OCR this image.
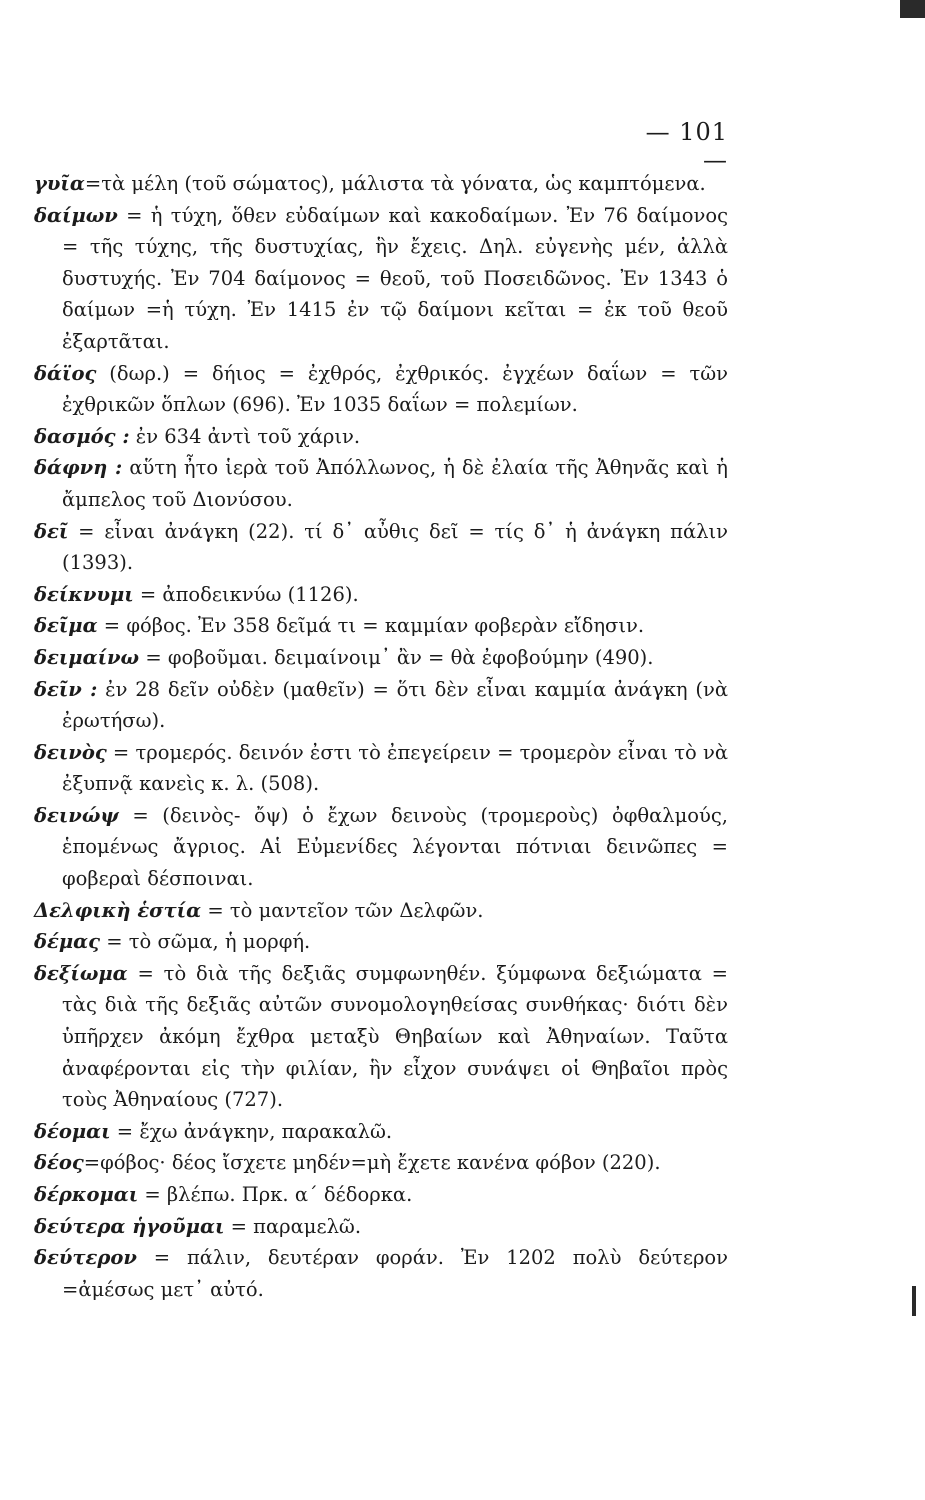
— 101 —

γυῖα=τὰ μέλη (τοῦ σώματος), μάλιστα τὰ γόνατα, ὡς καμπτόμενα.

δαίμων = ἡ τύχη, ὅθεν εὐδαίμων καὶ κακοδαίμων. Ἐν 76 δαίμονος = τῆς τύχης, τῆς δυστυχίας, ἣν ἔχεις. Δηλ. εὐγενὴς μέν, ἀλλὰ δυστυχής. Ἐν 704 δαίμονος = θεοῦ, τοῦ Ποσειδῶνος. Ἐν 1343 ὁ δαίμων =ἡ τύχη. Ἐν 1415 ἐν τῷ δαίμονι κεῖται = ἐκ τοῦ θεοῦ ἐξαρτᾶται.

δάϊος (δωρ.) = δήιος = ἐχθρός, ἐχθρικός. ἐγχέων δαΐων = τῶν ἐχθρικῶν ὅπλων (696). Ἐν 1035 δαΐων = πολεμίων.

δασμός : ἐν 634 ἀντὶ τοῦ χάριν.

δάφνη : αὕτη ἦτο ἱερὰ τοῦ Ἀπόλλωνος, ἡ δὲ ἐλαία τῆς Ἀθηνᾶς καὶ ἡ ἄμπελος τοῦ Διονύσου.

δεῖ = εἶναι ἀνάγκη (22). τί δ᾽ αὖθις δεῖ = τίς δ᾽ ἡ ἀνάγκη πάλιν (1393).

δείκνυμι = ἀποδεικνύω (1126).

δεῖμα = φόβος. Ἐν 358 δεῖμά τι = καμμίαν φοβερὰν εἴδησιν.

δειμαίνω = φοβοῦμαι. δειμαίνοιμ᾽ ἂν = θὰ ἐφοβούμην (490).

δεῖν : ἐν 28 δεῖν οὐδὲν (μαθεῖν) = ὅτι δὲν εἶναι καμμία ἀνάγκη (νὰ ἐρωτήσω).

δεινὸς = τρομερός. δεινόν ἐστι τὸ ἐπεγείρειν = τρομερὸν εἶναι τὸ νὰ ἐξυπνᾷ κανεὶς κ. λ. (508).

δεινώψ = (δεινὸς- ὄψ) ὁ ἔχων δεινοὺς (τρομεροὺς) ὀφθαλμούς, ἑπομένως ἄγριος. Αἱ Εὐμενίδες λέγονται πότνιαι δεινῶπες = φοβεραὶ δέσποιναι.

Δελφικὴ ἑστία = τὸ μαντεῖον τῶν Δελφῶν.

δέμας = τὸ σῶμα, ἡ μορφή.

δεξίωμα = τὸ διὰ τῆς δεξιᾶς συμφωνηθέν. ξύμφωνα δεξιώματα = τὰς διὰ τῆς δεξιᾶς αὐτῶν συνομολογηθείσας συνθήκας· διότι δὲν ὑπῆρχεν ἀκόμη ἔχθρα μεταξὺ Θηβαίων καὶ Ἀθηναίων. Ταῦτα ἀναφέρονται εἰς τὴν φιλίαν, ἣν εἶχον συνάψει οἱ Θηβαῖοι πρὸς τοὺς Ἀθηναίους (727).

δέομαι = ἔχω ἀνάγκην, παρακαλῶ.

δέος=φόβος· δέος ἴσχετε μηδέν=μὴ ἔχετε κανένα φόβον (220).

δέρκομαι = βλέπω. Πρκ. α´ δέδορκα.

δεύτερα ἡγοῦμαι = παραμελῶ.

δεύτερον = πάλιν, δευτέραν φοράν. Ἐν 1202 πολὺ δεύτερον =ἀμέσως μετ᾽ αὐτό.
